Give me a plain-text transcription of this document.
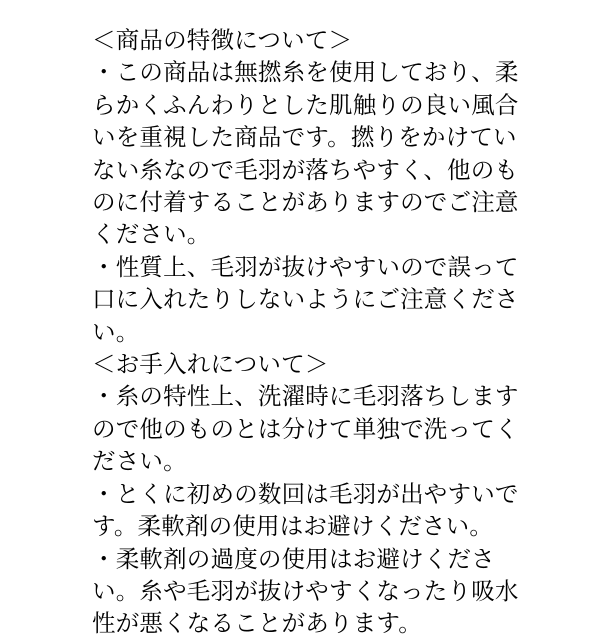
＜商品の特徴について＞

・この商品は無撚糸を使用しており、柔らかくふんわりとした肌触りの良い風合いを重視した商品です。撚りをかけていない糸なので毛羽が落ちやすく、他のものに付着することがありますのでご注意ください。

・性質上、毛羽が抜けやすいので誤って口に入れたりしないようにご注意ください。

＜お手入れについて＞

・糸の特性上、洗濯時に毛羽落ちしますので他のものとは分けて単独で洗ってください。

・とくに初めの数回は毛羽が出やすいです。柔軟剤の使用はお避けください。

・柔軟剤の過度の使用はお避けください。糸や毛羽が抜けやすくなったり吸水性が悪くなることがあります。
